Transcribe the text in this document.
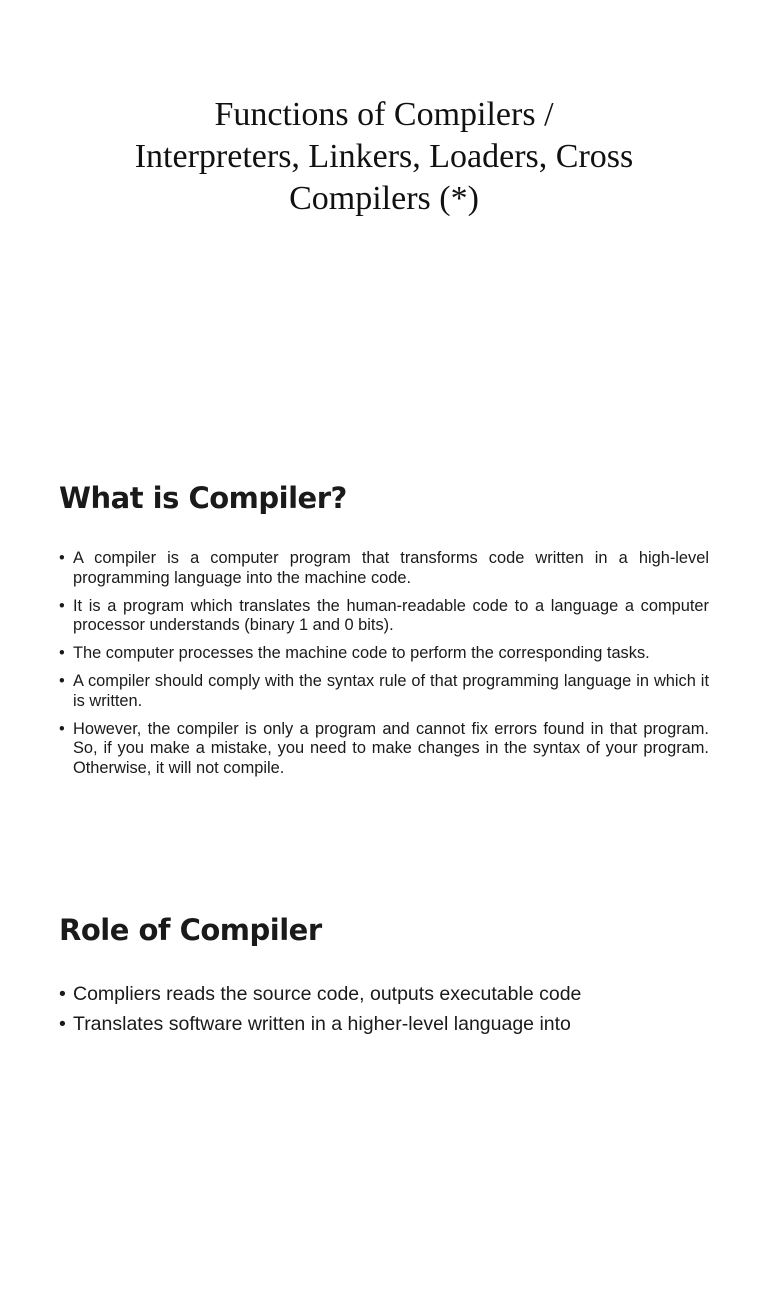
Functions of Compilers /
Interpreters, Linkers, Loaders, Cross
Compilers (*)
What is Compiler?
• A compiler is a computer program that transforms code written in a high-level programming language into the machine code.
• It is a program which translates the human-readable code to a language a computer processor understands (binary 1 and 0 bits).
• The computer processes the machine code to perform the corresponding tasks.
• A compiler should comply with the syntax rule of that programming language in which it is written.
• However, the compiler is only a program and cannot fix errors found in that program. So, if you make a mistake, you need to make changes in the syntax of your program. Otherwise, it will not compile.
Role of Compiler
• Compliers reads the source code, outputs executable code
• Translates software written in a higher-level language into
